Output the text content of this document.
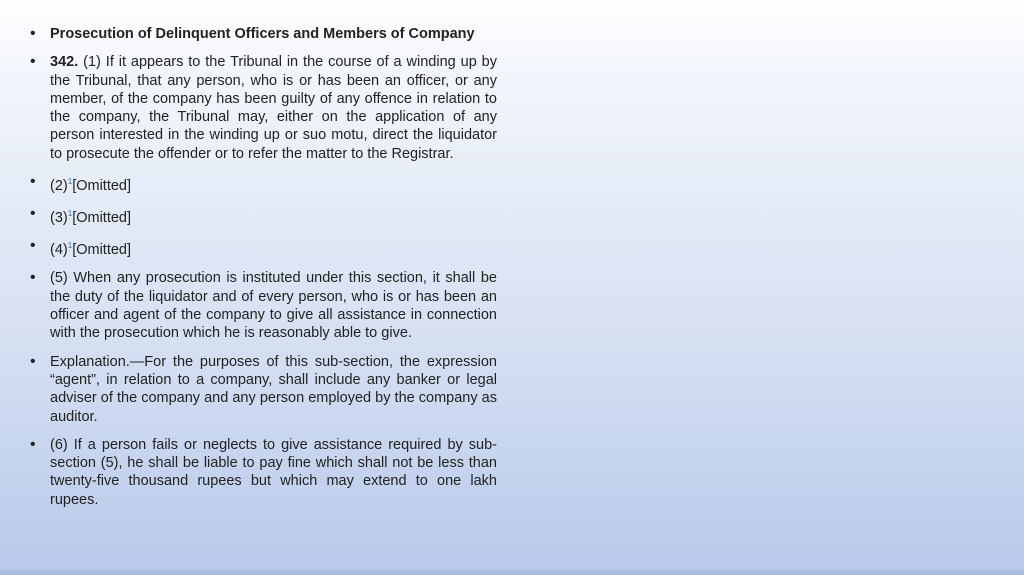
• Prosecution of Delinquent Officers and Members of Company
• 342. (1) If it appears to the Tribunal in the course of a winding up by the Tribunal, that any person, who is or has been an officer, or any member, of the company has been guilty of any offence in relation to the company, the Tribunal may, either on the application of any person interested in the winding up or suo motu, direct the liquidator to prosecute the offender or to refer the matter to the Registrar.
• (2)$^1$[Omitted]
• (3)$^1$[Omitted]
• (4)$^1$[Omitted]
• (5) When any prosecution is instituted under this section, it shall be the duty of the liquidator and of every person, who is or has been an officer and agent of the company to give all assistance in connection with the prosecution which he is reasonably able to give.
• Explanation.—For the purposes of this sub-section, the expression “agent”, in relation to a company, shall include any banker or legal adviser of the company and any person employed by the company as auditor.
• (6) If a person fails or neglects to give assistance required by sub-section (5), he shall be liable to pay fine which shall not be less than twenty-five thousand rupees but which may extend to one lakh rupees.
